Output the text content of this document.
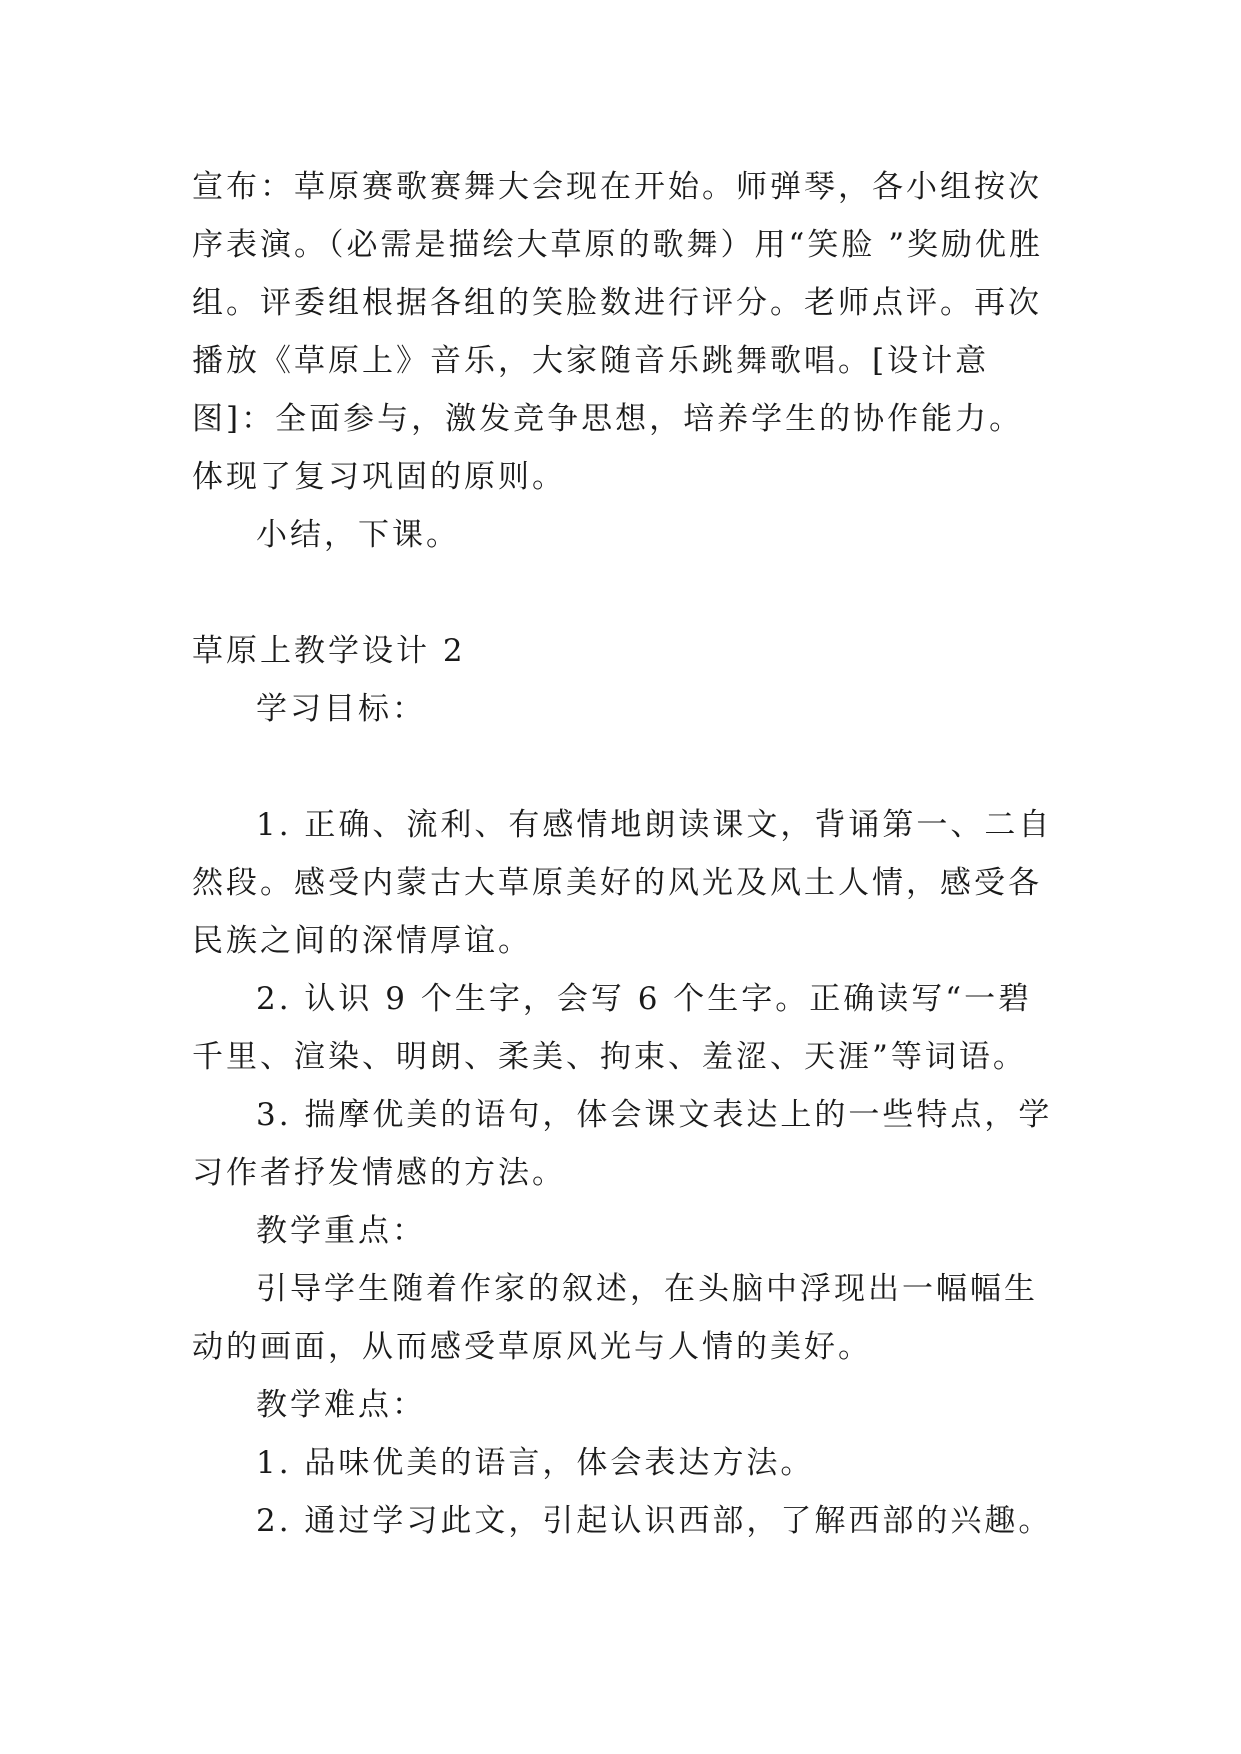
宣布：草原赛歌赛舞大会现在开始。师弹琴，各小组按次序表演。（必需是描绘大草原的歌舞）用“笑脸 ”奖励优胜组。评委组根据各组的笑脸数进行评分。老师点评。再次播放《草原上》音乐，大家随音乐跳舞歌唱。[设计意图]：全面参与，激发竞争思想，培养学生的协作能力。体现了复习巩固的原则。

小结，下课。

草原上教学设计 2

学习目标：

1. 正确、流利、有感情地朗读课文，背诵第一、二自然段。感受内蒙古大草原美好的风光及风土人情，感受各民族之间的深情厚谊。

2. 认识 9 个生字，会写 6 个生字。正确读写“一碧千里、渲染、明朗、柔美、拘束、羞涩、天涯”等词语。

3. 揣摩优美的语句，体会课文表达上的一些特点，学习作者抒发情感的方法。

教学重点：

引导学生随着作家的叙述，在头脑中浮现出一幅幅生动的画面，从而感受草原风光与人情的美好。

教学难点：

1. 品味优美的语言，体会表达方法。

2. 通过学习此文，引起认识西部，了解西部的兴趣。
